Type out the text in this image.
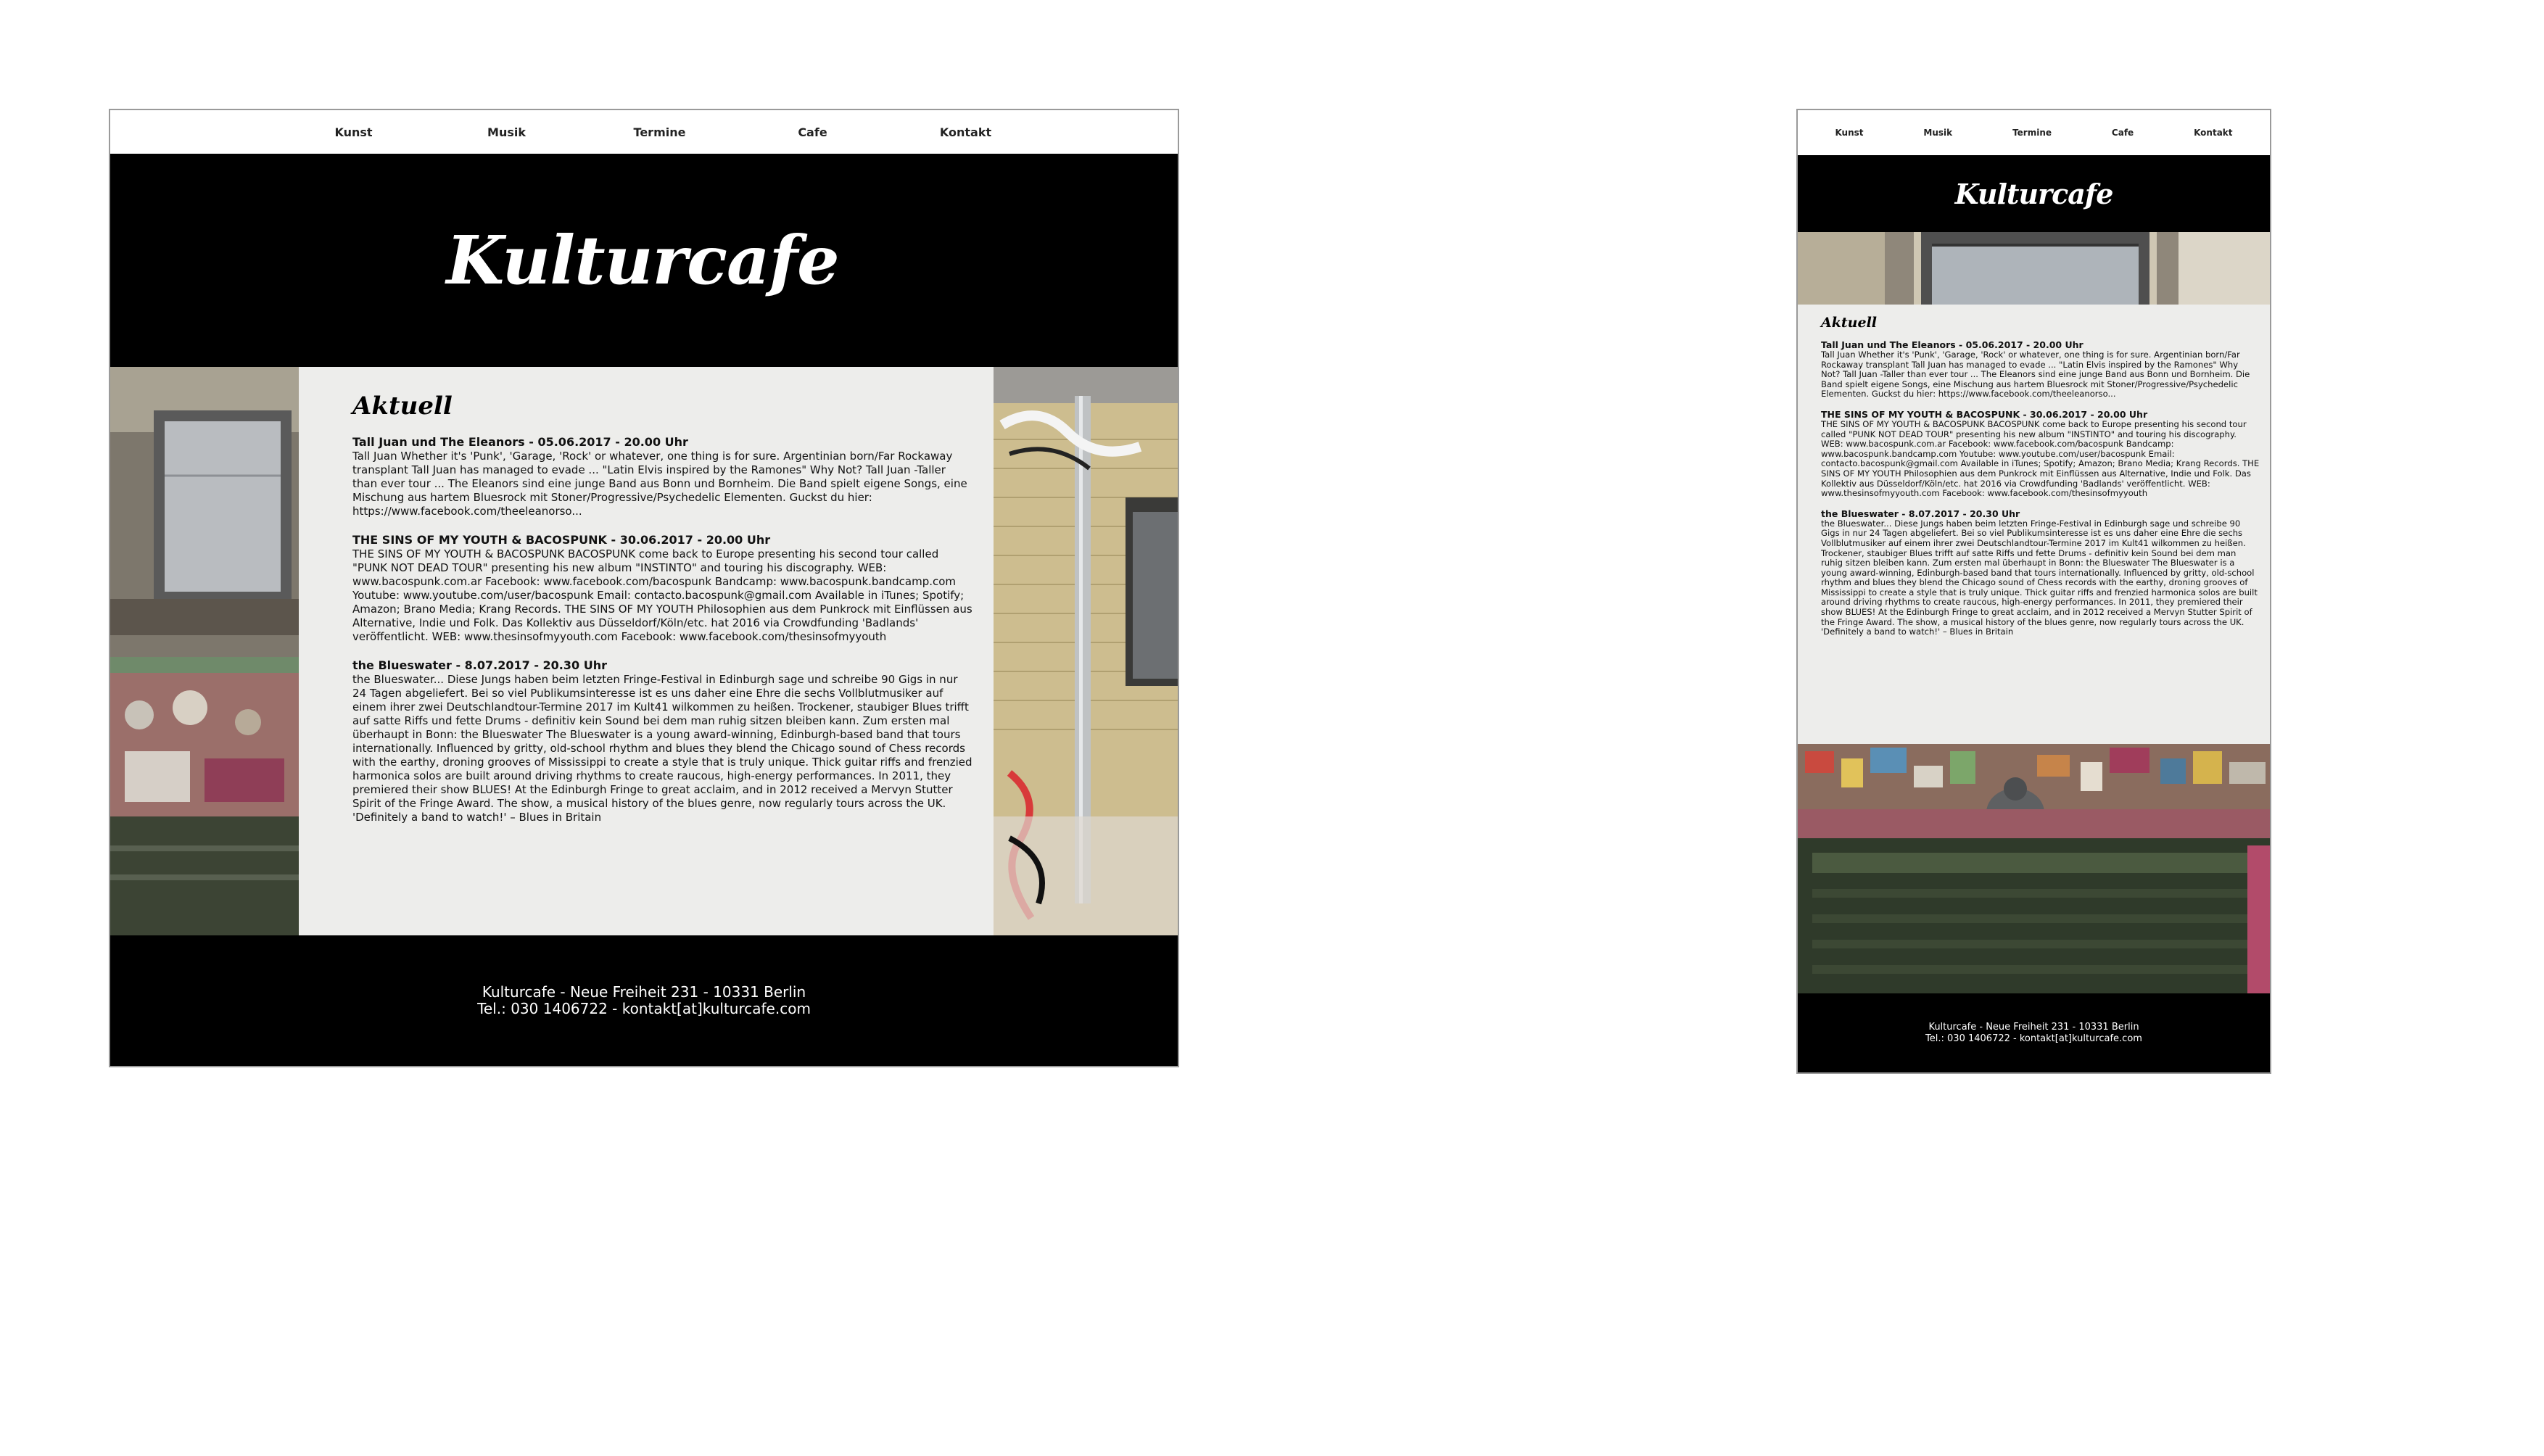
Kunst	Musik	Termine	Cafe	Kontakt
Kulturcafe
Aktuell

Tall Juan und The Eleanors - 05.06.2017 - 20.00 Uhr

Tall Juan Whether it's 'Punk', 'Garage, 'Rock' or whatever, one thing is for sure. Argentinian born/Far Rockaway transplant Tall Juan has managed to evade ... "Latin Elvis inspired by the Ramones" Why Not? Tall Juan -Taller than ever tour ... The Eleanors sind eine junge Band aus Bonn und Bornheim. Die Band spielt eigene Songs, eine Mischung aus hartem Bluesrock mit Stoner/Progressive/Psychedelic Elementen. Guckst du hier: https://www.facebook.com/theeleanorso...

THE SINS OF MY YOUTH & BACOSPUNK - 30.06.2017 - 20.00 Uhr

THE SINS OF MY YOUTH & BACOSPUNK BACOSPUNK come back to Europe presenting his second tour called "PUNK NOT DEAD TOUR" presenting his new album "INSTINTO" and touring his discography. WEB: www.bacospunk.com.ar Facebook: www.facebook.com/bacospunk Bandcamp: www.bacospunk.bandcamp.com Youtube: www.youtube.com/user/bacospunk Email: contacto.bacospunk@gmail.com Available in iTunes; Spotify; Amazon; Brano Media; Krang Records. THE SINS OF MY YOUTH Philosophien aus dem Punkrock mit Einflüssen aus Alternative, Indie und Folk. Das Kollektiv aus Düsseldorf/Köln/etc. hat 2016 via Crowdfunding 'Badlands' veröffentlicht. WEB: www.thesinsofmyyouth.com Facebook: www.facebook.com/thesinsofmyyouth

the Blueswater - 8.07.2017 - 20.30 Uhr

the Blueswater... Diese Jungs haben beim letzten Fringe-Festival in Edinburgh sage und schreibe 90 Gigs in nur 24 Tagen abgeliefert. Bei so viel Publikumsinteresse ist es uns daher eine Ehre die sechs Vollblutmusiker auf einem ihrer zwei Deutschlandtour-Termine 2017 im Kult41 wilkommen zu heißen. Trockener, staubiger Blues trifft auf satte Riffs und fette Drums - definitiv kein Sound bei dem man ruhig sitzen bleiben kann. Zum ersten mal überhaupt in Bonn: the Blueswater The Blueswater is a young award-winning, Edinburgh-based band that tours internationally. Influenced by gritty, old-school rhythm and blues they blend the Chicago sound of Chess records with the earthy, droning grooves of Mississippi to create a style that is truly unique. Thick guitar riffs and frenzied harmonica solos are built around driving rhythms to create raucous, high-energy performances. In 2011, they premiered their show BLUES! At the Edinburgh Fringe to great acclaim, and in 2012 received a Mervyn Stutter Spirit of the Fringe Award. The show, a musical history of the blues genre, now regularly tours across the UK. 'Definitely a band to watch!' – Blues in Britain

Kulturcafe - Neue Freiheit 231 - 10331 Berlin
Tel.: 030 1406722 - kontakt[at]kulturcafe.com
Kunst	Musik	Termine	Cafe	Kontakt
Kulturcafe
Aktuell

Tall Juan und The Eleanors - 05.06.2017 - 20.00 Uhr

Tall Juan Whether it's 'Punk', 'Garage, 'Rock' or whatever, one thing is for sure. Argentinian born/Far Rockaway transplant Tall Juan has managed to evade ... "Latin Elvis inspired by the Ramones" Why Not? Tall Juan -Taller than ever tour ... The Eleanors sind eine junge Band aus Bonn und Bornheim. Die Band spielt eigene Songs, eine Mischung aus hartem Bluesrock mit Stoner/Progressive/Psychedelic Elementen. Guckst du hier: https://www.facebook.com/theeleanorso...

THE SINS OF MY YOUTH & BACOSPUNK - 30.06.2017 - 20.00 Uhr

THE SINS OF MY YOUTH & BACOSPUNK BACOSPUNK come back to Europe presenting his second tour called "PUNK NOT DEAD TOUR" presenting his new album "INSTINTO" and touring his discography. WEB: www.bacospunk.com.ar Facebook: www.facebook.com/bacospunk Bandcamp: www.bacospunk.bandcamp.com Youtube: www.youtube.com/user/bacospunk Email: contacto.bacospunk@gmail.com Available in iTunes; Spotify; Amazon; Brano Media; Krang Records. THE SINS OF MY YOUTH Philosophien aus dem Punkrock mit Einflüssen aus Alternative, Indie und Folk. Das Kollektiv aus Düsseldorf/Köln/etc. hat 2016 via Crowdfunding 'Badlands' veröffentlicht. WEB: www.thesinsofmyyouth.com Facebook: www.facebook.com/thesinsofmyyouth

the Blueswater - 8.07.2017 - 20.30 Uhr

the Blueswater... Diese Jungs haben beim letzten Fringe-Festival in Edinburgh sage und schreibe 90 Gigs in nur 24 Tagen abgeliefert. Bei so viel Publikumsinteresse ist es uns daher eine Ehre die sechs Vollblutmusiker auf einem ihrer zwei Deutschlandtour-Termine 2017 im Kult41 wilkommen zu heißen. Trockener, staubiger Blues trifft auf satte Riffs und fette Drums - definitiv kein Sound bei dem man ruhig sitzen bleiben kann. Zum ersten mal überhaupt in Bonn: the Blueswater The Blueswater is a young award-winning, Edinburgh-based band that tours internationally. Influenced by gritty, old-school rhythm and blues they blend the Chicago sound of Chess records with the earthy, droning grooves of Mississippi to create a style that is truly unique. Thick guitar riffs and frenzied harmonica solos are built around driving rhythms to create raucous, high-energy performances. In 2011, they premiered their show BLUES! At the Edinburgh Fringe to great acclaim, and in 2012 received a Mervyn Stutter Spirit of the Fringe Award. The show, a musical history of the blues genre, now regularly tours across the UK. 'Definitely a band to watch!' – Blues in Britain

Kulturcafe - Neue Freiheit 231 - 10331 Berlin
Tel.: 030 1406722 - kontakt[at]kulturcafe.com
